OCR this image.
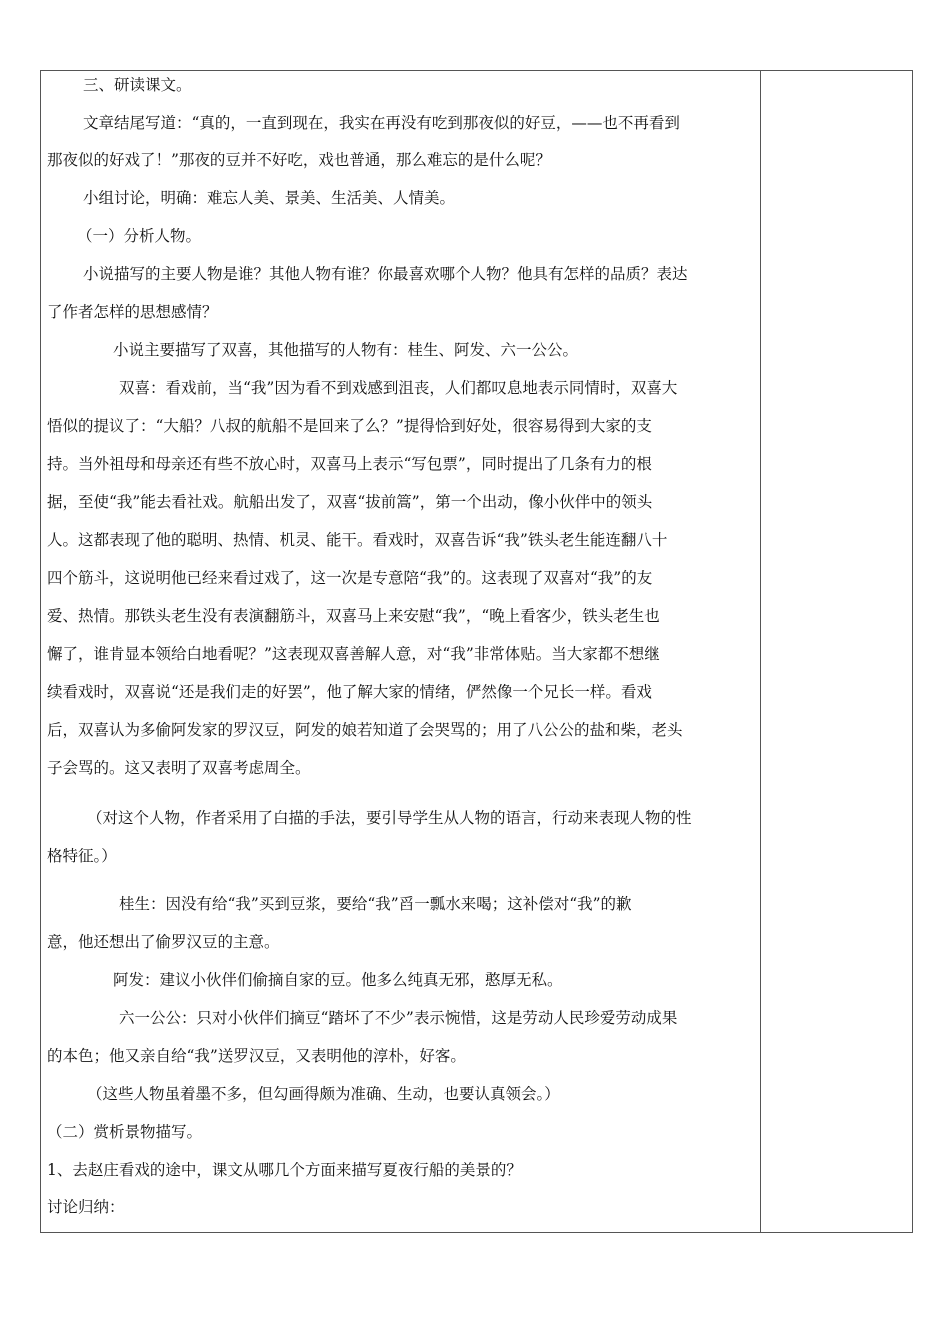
三、研读课文。
文章结尾写道：“真的，一直到现在，我实在再没有吃到那夜似的好豆，——也不再看到
那夜似的好戏了！”那夜的豆并不好吃，戏也普通，那么难忘的是什么呢？
小组讨论，明确：难忘人美、景美、生活美、人情美。
（一）分析人物。
小说描写的主要人物是谁？其他人物有谁？你最喜欢哪个人物？他具有怎样的品质？表达
了作者怎样的思想感情？
小说主要描写了双喜，其他描写的人物有：桂生、阿发、六一公公。
双喜：看戏前，当“我”因为看不到戏感到沮丧，人们都叹息地表示同情时，双喜大
悟似的提议了：“大船？八叔的航船不是回来了么？”提得恰到好处，很容易得到大家的支
持。当外祖母和母亲还有些不放心时，双喜马上表示“写包票”，同时提出了几条有力的根
据，至使“我”能去看社戏。航船出发了，双喜“拔前篙”，第一个出动，像小伙伴中的领头
人。这都表现了他的聪明、热情、机灵、能干。看戏时，双喜告诉“我”铁头老生能连翻八十
四个筋斗，这说明他已经来看过戏了，这一次是专意陪“我”的。这表现了双喜对“我”的友
爱、热情。那铁头老生没有表演翻筋斗，双喜马上来安慰“我”，“晚上看客少，铁头老生也
懈了，谁肯显本领给白地看呢？”这表现双喜善解人意，对“我”非常体贴。当大家都不想继
续看戏时，双喜说“还是我们走的好罢”，他了解大家的情绪，俨然像一个兄长一样。看戏
后，双喜认为多偷阿发家的罗汉豆，阿发的娘若知道了会哭骂的；用了八公公的盐和柴，老头
子会骂的。这又表明了双喜考虑周全。
（对这个人物，作者采用了白描的手法，要引导学生从人物的语言，行动来表现人物的性
格特征。）
桂生：因没有给“我”买到豆浆，要给“我”舀一瓢水来喝；这补偿对“我”的歉
意，他还想出了偷罗汉豆的主意。
阿发：建议小伙伴们偷摘自家的豆。他多么纯真无邪，憨厚无私。
六一公公：只对小伙伴们摘豆“踏坏了不少”表示惋惜，这是劳动人民珍爱劳动成果
的本色；他又亲自给“我”送罗汉豆，又表明他的淳朴，好客。
（这些人物虽着墨不多，但勾画得颇为准确、生动，也要认真领会。）
（二）赏析景物描写。
1、去赵庄看戏的途中，课文从哪几个方面来描写夏夜行船的美景的？
讨论归纳：
